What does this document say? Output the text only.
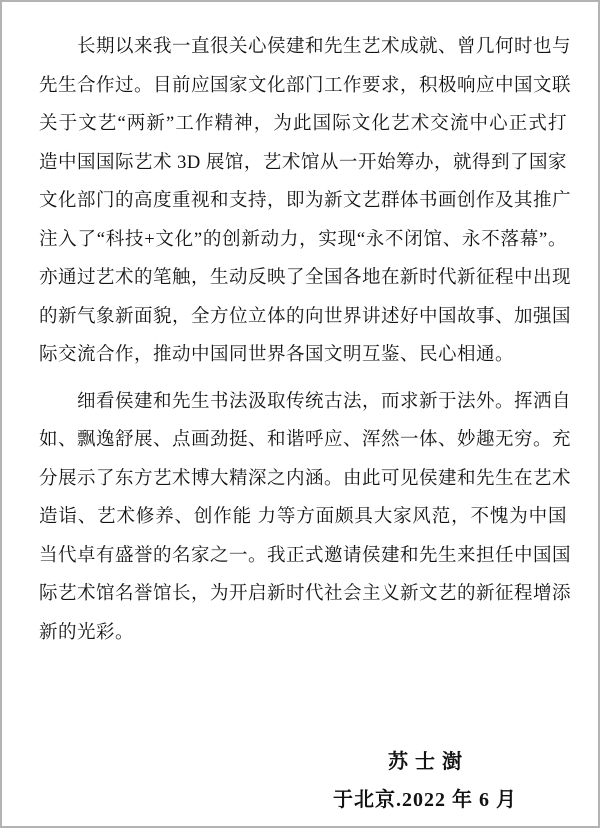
长期以来我一直很关心侯建和先生艺术成就、曾几何时也与
先生合作过。目前应国家文化部门工作要求，积极响应中国文联
关于文艺“两新”工作精神，为此国际文化艺术交流中心正式打
造中国国际艺术 3D 展馆，艺术馆从一开始筹办，就得到了国家
文化部门的高度重视和支持，即为新文艺群体书画创作及其推广
注入了“科技+文化”的创新动力，实现“永不闭馆、永不落幕”。
亦通过艺术的笔触，生动反映了全国各地在新时代新征程中出现
的新气象新面貌，全方位立体的向世界讲述好中国故事、加强国
际交流合作，推动中国同世界各国文明互鉴、民心相通。
细看侯建和先生书法汲取传统古法，而求新于法外。挥洒自
如、飘逸舒展、点画劲挺、和谐呼应、浑然一体、妙趣无穷。充
分展示了东方艺术博大精深之内涵。由此可见侯建和先生在艺术
造诣、艺术修养、创作能 力等方面颇具大家风范，不愧为中国
当代卓有盛誉的名家之一。我正式邀请侯建和先生来担任中国国
际艺术馆名誉馆长，为开启新时代社会主义新文艺的新征程增添
新的光彩。
苏士澍
于北京.2022 年 6 月
